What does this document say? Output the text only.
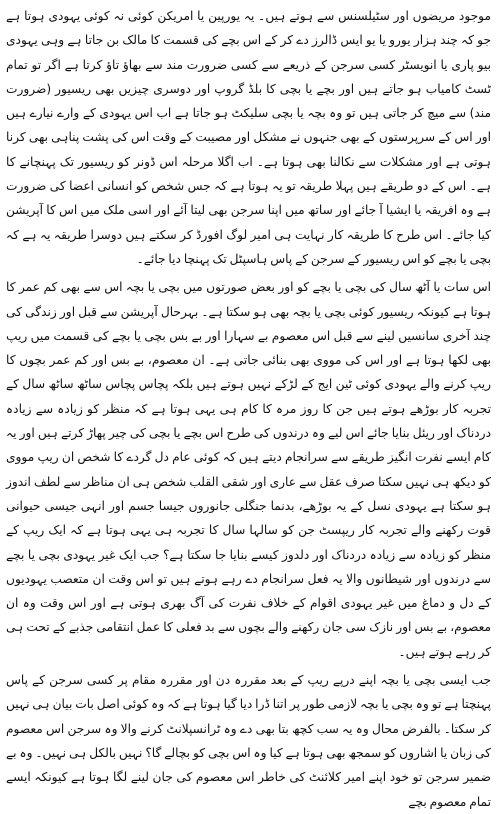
موجود مریضوں اور سٹیلسنس سے ہوتے ہیں۔ یہ یورپین یا امریکن کوئی نہ کوئی یہودی ہوتا ہے جو کہ چند ہزار یورو یا یو ایس ڈالرز دے کر کے اس بچے کی قسمت کا مالک بن جاتا ہے وہی یہودی بیو پاری یا انویسٹر کسی سرجن کے ذریعے سے کسی ضرورت مند سے بھاؤ تاؤ کرتا ہے اگر تو تمام ٹسٹ کامیاب ہو جاتے ہیں اور بچے یا بچی کا بلڈ گروپ اور دوسری چیزیں بھی ریسیور (ضرورت مند) سے میچ کر جاتی ہیں تو وہ بچہ یا بچی سلیکٹ ہو جاتا ہے اب اس یہودی کے وارے نیارے ہیں اور اس کے سرپرستوں کے بھی جنہوں نے مشکل اور مصیبت کے وقت اس کی پشت پناہی بھی کرنا ہوتی ہے اور مشکلات سے نکالنا بھی ہوتا ہے۔ اب اگلا مرحلہ اس ڈونر کو ریسیور تک پہنچانے کا ہے۔ اس کے دو طریقے ہیں پہلا طریقہ تو یہ ہوتا ہے کہ جس شخص کو انسانی اعضا کی ضرورت ہے وہ افریقہ یا ایشیا آ جائے اور ساتھ میں اپنا سرجن بھی لیتا آئے اور اسی ملک میں اس کا آپریشن کیا جائے۔ اس طرح کا طریقہ کار نہایت ہی امیر لوگ افورڈ کر سکتے ہیں دوسرا طریقہ یہ ہے کہ بچی یا بچے کو اس ریسیور کے سرجن کے پاس ہاسپٹل تک پہنچا دیا جائے۔

اس سات یا آٹھ سال کی بچی یا بچے کو اور بعض صورتوں میں بچی یا بچہ اس سے بھی کم عمر کا ہوتا ہے کیونکہ ریسیور کوئی بچی یا بچہ بھی ہو سکتا ہے۔ بہرحال آپریشن سے قبل اور زندگی کی چند آخری سانسیں لینے سے قبل اس معصوم بے سہارا اور بے بس بچی یا بچے کی قسمت میں ریپ بھی لکھا ہوتا ہے اور اس کی مووی بھی بنائی جاتی ہے۔ ان معصوم، بے بس اور کم عمر بچوں کا ریپ کرنے والے یہودی کوئی ٹین ایج کے لڑکے نہیں ہوتے ہیں بلکہ پچاس پچاس ساٹھ ساٹھ سال کے تجربہ کار بوڑھے ہوتے ہیں جن کا روز مرہ کا کام ہی یہی ہوتا ہے کہ منظر کو زیادہ سے زیادہ دردناک اور ریئل بنایا جائے اس لیے وہ درندوں کی طرح اس بچے یا بچی کی چیر پھاڑ کرتے ہیں اور یہ کام ایسے نفرت انگیز طریقے سے سرانجام دیتے ہیں کہ کوئی عام دل گردے کا شخص ان ریپ مووی کو دیکھ ہی نہیں سکتا صرف عقل سے عاری اور شقی القلب شخص ہی ان مناظر سے لطف اندوز ہو سکتا ہے یہودی نسل کے یہ بوڑھے، بدنما جنگلی جانوروں جیسا جسم اور انہی جیسی حیوانی قوت رکھنے والے تجربہ کار ریپسٹ جن کو سالہا سال کا تجربہ ہی یہی ہوتا ہے کہ ایک ریپ کے منظر کو زیادہ سے زیادہ دردناک اور دلدوز کیسے بنایا جا سکتا ہے؟ جب ایک غیر یہودی بچی یا بچے سے درندوں اور شیطانوں والا یہ فعل سرانجام دے رہے ہوتے ہیں تو اس وقت ان متعصب یہودیوں کے دل و دماغ میں غیر یہودی اقوام کے خلاف نفرت کی آگ بھری ہوتی ہے اور اس وقت وہ ان معصوم، بے بس اور نازک سی جان رکھنے والے بچوں سے بد فعلی کا عمل انتقامی جذبے کے تحت ہی کر رہے ہوتے ہیں۔

جب ایسی بچی یا بچہ اپنے درپے ریپ کے بعد مقررہ دن اور مقررہ مقام پر کسی سرجن کے پاس پہنچتا ہے تو وہ بچی یا بچہ لازمی طور پر اتنا ڈرا دیا گیا ہوتا ہے کہ وہ کوئی اصل بات بیان ہی نہیں کر سکتا۔ بالفرض محال وہ یہ سب کچھ بتا بھی دے وہ ٹرانسپلانٹ کرنے والا وہ سرجن اس معصوم کی زبان یا اشاروں کو سمجھ بھی ہوتا ہے کیا وہ اس بچی کو بچالے گا؟ نہیں بالکل ہی نہیں۔ وہ بے ضمیر سرجن تو خود اپنے امیر کلائنٹ کی خاطر اس معصوم کی جان لینے لگا ہوتا ہے کیونکہ ایسے تمام معصوم بچے
